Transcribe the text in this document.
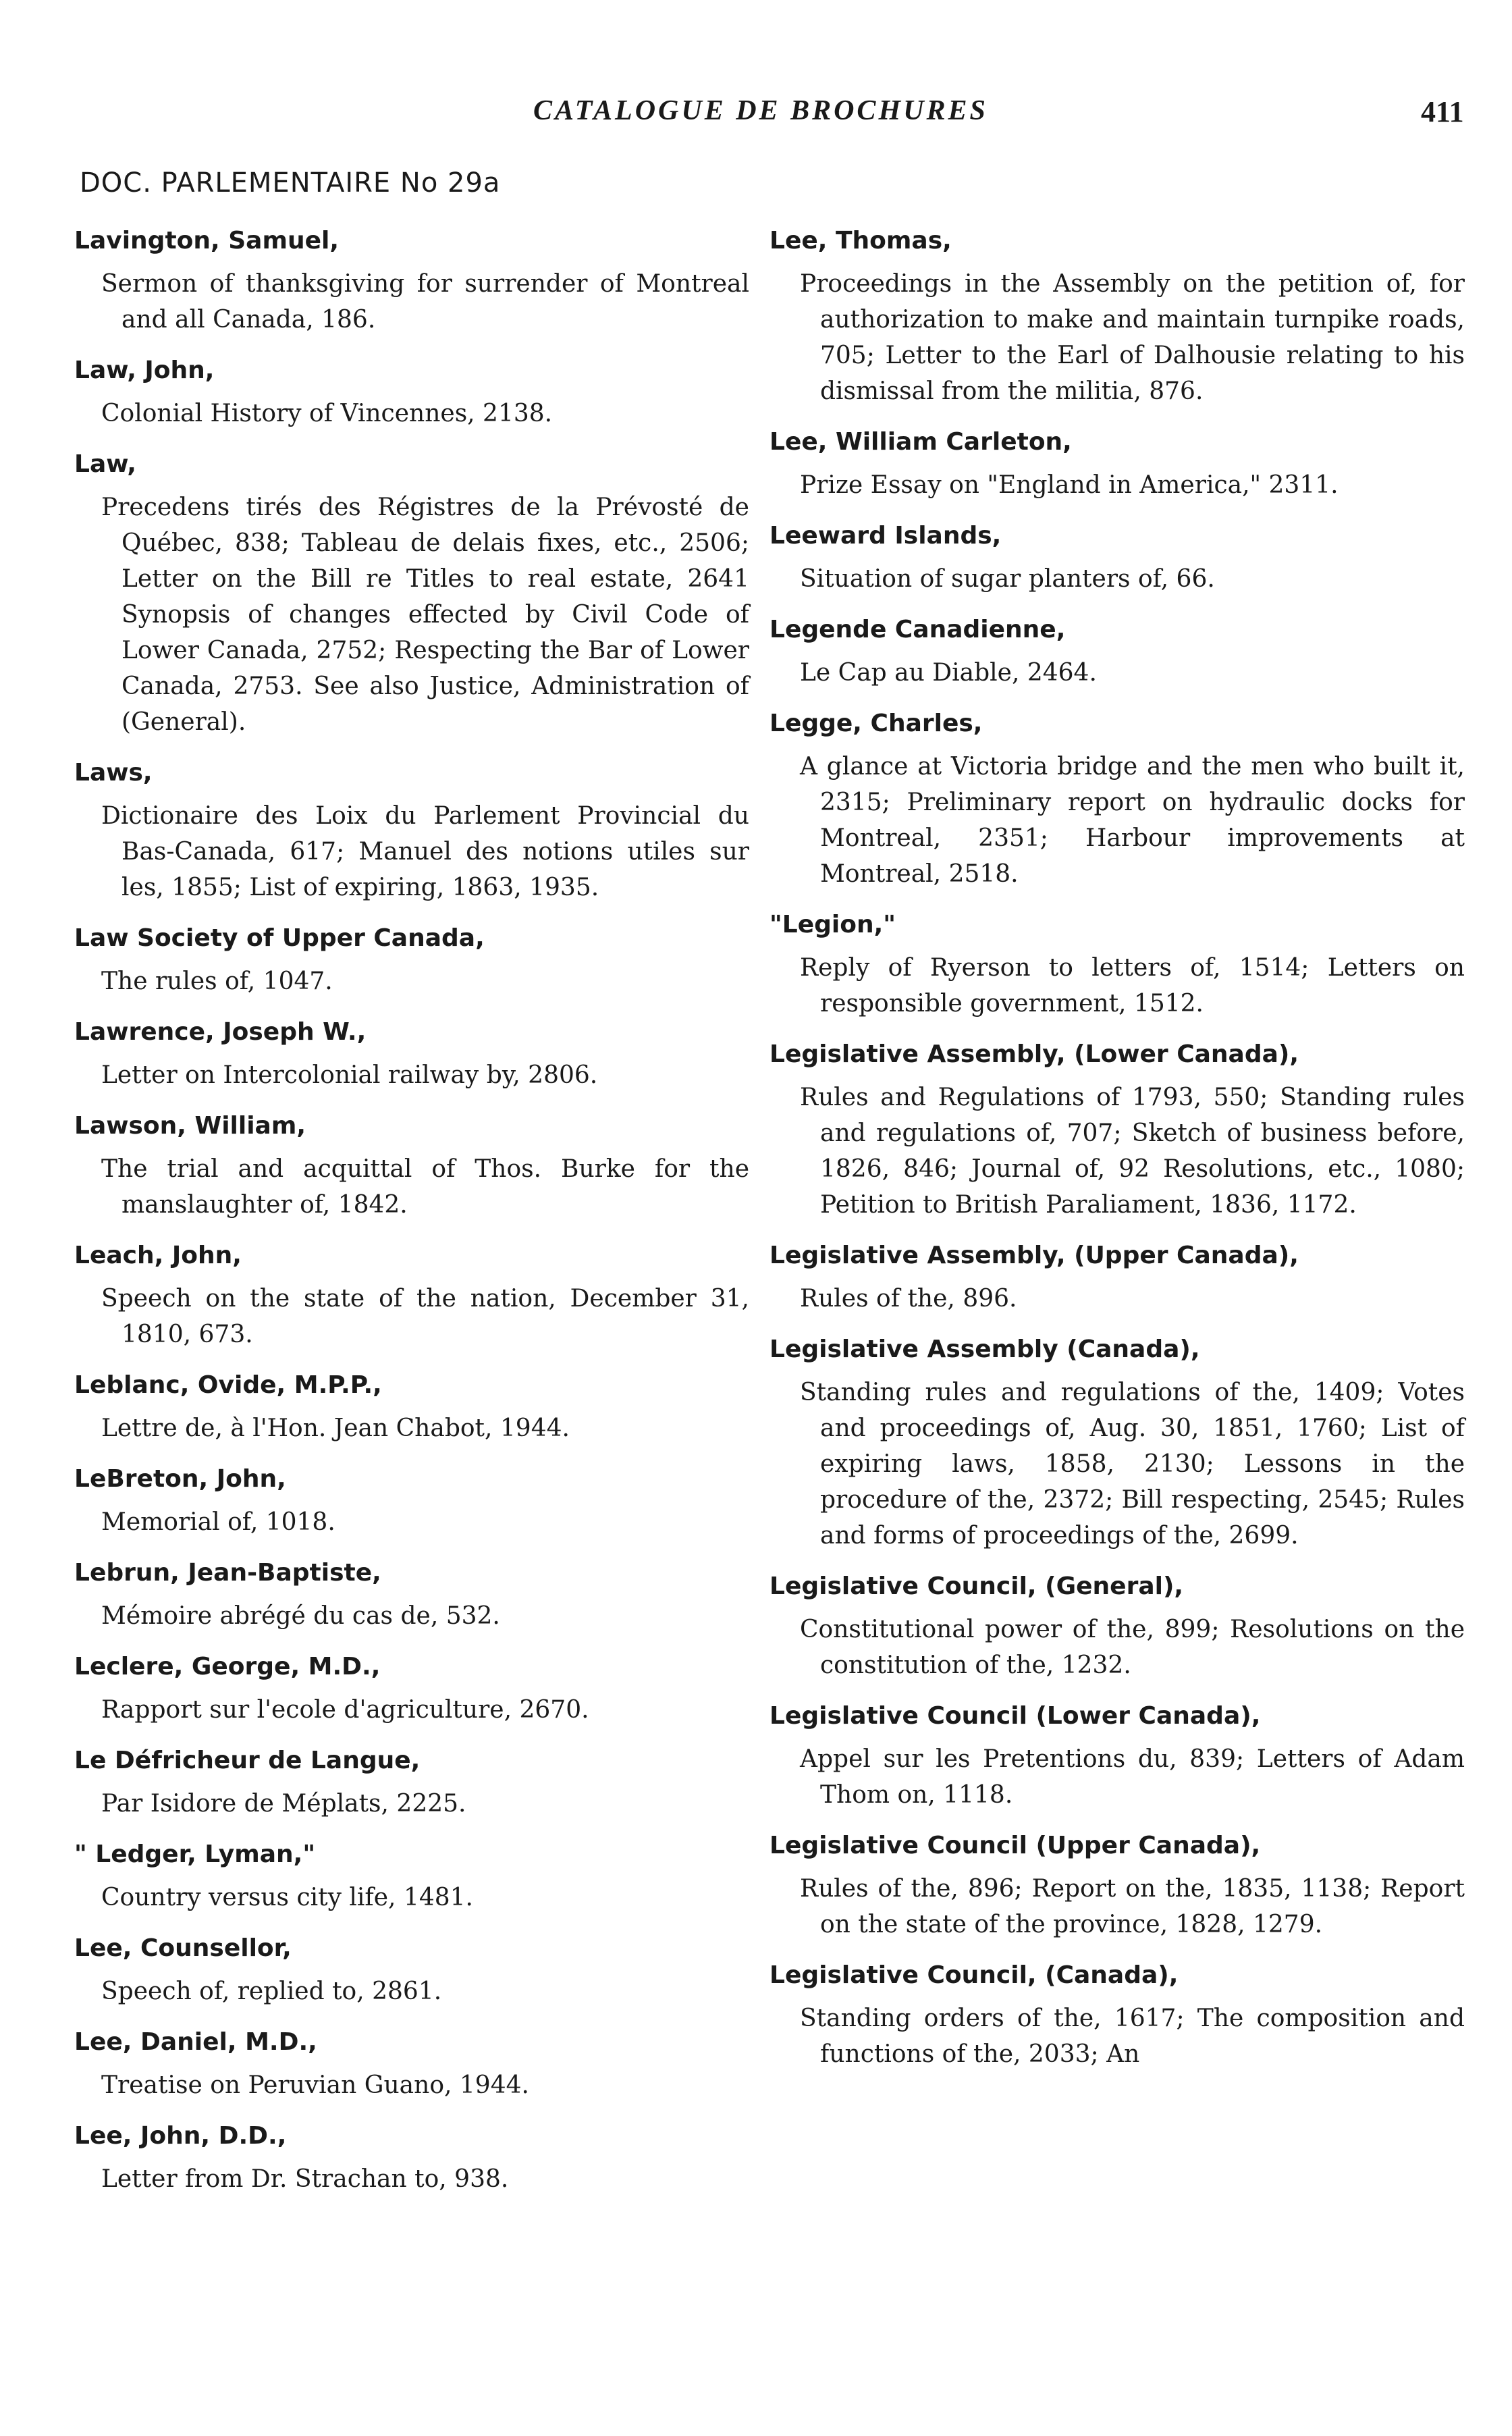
CATALOGUE DE BROCHURES	411
DOC. PARLEMENTAIRE No 29a
Lavington, Samuel,
Sermon of thanksgiving for surrender of Montreal and all Canada, 186.
Law, John,
Colonial History of Vincennes, 2138.
Law,
Precedens tirés des Régistres de la Prévosté de Québec, 838; Tableau de delais fixes, etc., 2506; Letter on the Bill re Titles to real estate, 2641 Synopsis of changes effected by Civil Code of Lower Canada, 2752; Respecting the Bar of Lower Canada, 2753. See also Justice, Administration of (General).
Laws,
Dictionaire des Loix du Parlement Provincial du Bas-Canada, 617; Manuel des notions utiles sur les, 1855; List of expiring, 1863, 1935.
Law Society of Upper Canada,
The rules of, 1047.
Lawrence, Joseph W.,
Letter on Intercolonial railway by, 2806.
Lawson, William,
The trial and acquittal of Thos. Burke for the manslaughter of, 1842.
Leach, John,
Speech on the state of the nation, December 31, 1810, 673.
Leblanc, Ovide, M.P.P.,
Lettre de, à l'Hon. Jean Chabot, 1944.
LeBreton, John,
Memorial of, 1018.
Lebrun, Jean-Baptiste,
Mémoire abrégé du cas de, 532.
Leclere, George, M.D.,
Rapport sur l'ecole d'agriculture, 2670.
Le Défricheur de Langue,
Par Isidore de Méplats, 2225.
" Ledger, Lyman,"
Country versus city life, 1481.
Lee, Counsellor,
Speech of, replied to, 2861.
Lee, Daniel, M.D.,
Treatise on Peruvian Guano, 1944.
Lee, John, D.D.,
Letter from Dr. Strachan to, 938.
Lee, Thomas,
Proceedings in the Assembly on the petition of, for authorization to make and maintain turnpike roads, 705; Letter to the Earl of Dalhousie relating to his dismissal from the militia, 876.
Lee, William Carleton,
Prize Essay on "England in America," 2311.
Leeward Islands,
Situation of sugar planters of, 66.
Legende Canadienne,
Le Cap au Diable, 2464.
Legge, Charles,
A glance at Victoria bridge and the men who built it, 2315; Preliminary report on hydraulic docks for Montreal, 2351; Harbour improvements at Montreal, 2518.
"Legion,"
Reply of Ryerson to letters of, 1514; Letters on responsible government, 1512.
Legislative Assembly, (Lower Canada),
Rules and Regulations of 1793, 550; Standing rules and regulations of, 707; Sketch of business before, 1826, 846; Journal of, 92 Resolutions, etc., 1080; Petition to British Paraliament, 1836, 1172.
Legislative Assembly, (Upper Canada),
Rules of the, 896.
Legislative Assembly (Canada),
Standing rules and regulations of the, 1409; Votes and proceedings of, Aug. 30, 1851, 1760; List of expiring laws, 1858, 2130; Lessons in the procedure of the, 2372; Bill respecting, 2545; Rules and forms of proceedings of the, 2699.
Legislative Council, (General),
Constitutional power of the, 899; Resolutions on the constitution of the, 1232.
Legislative Council (Lower Canada),
Appel sur les Pretentions du, 839; Letters of Adam Thom on, 1118.
Legislative Council (Upper Canada),
Rules of the, 896; Report on the, 1835, 1138; Report on the state of the province, 1828, 1279.
Legislative Council, (Canada),
Standing orders of the, 1617; The composition and functions of the, 2033; An
